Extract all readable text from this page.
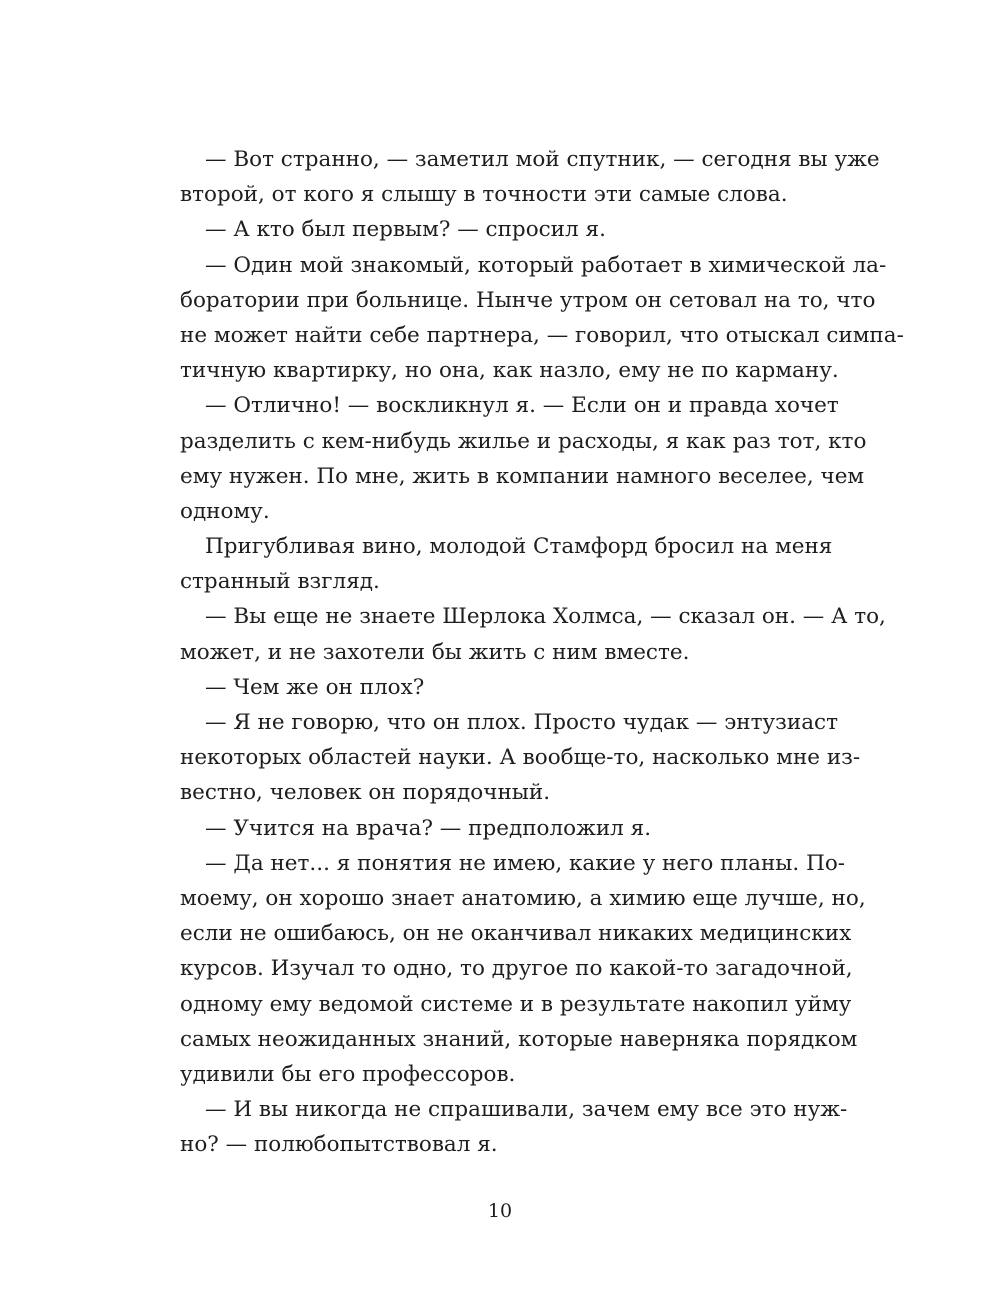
— Вот странно, — заметил мой спутник, — сегодня вы уже
второй, от кого я слышу в точности эти самые слова.
— А кто был первым? — спросил я.
— Один мой знакомый, который работает в химической ла-
боратории при больнице. Нынче утром он сетовал на то, что
не может найти себе партнера, — говорил, что отыскал симпа-
тичную квартирку, но она, как назло, ему не по карману.
— Отлично! — воскликнул я. — Если он и правда хочет
разделить с кем-нибудь жилье и расходы, я как раз тот, кто
ему нужен. По мне, жить в компании намного веселее, чем
одному.
Пригубливая вино, молодой Стамфорд бросил на меня
странный взгляд.
— Вы еще не знаете Шерлока Холмса, — сказал он. — А то,
может, и не захотели бы жить с ним вместе.
— Чем же он плох?
— Я не говорю, что он плох. Просто чудак — энтузиаст
некоторых областей науки. А вообще-то, насколько мне из-
вестно, человек он порядочный.
— Учится на врача? — предположил я.
— Да нет... я понятия не имею, какие у него планы. По-
моему, он хорошо знает анатомию, а химию еще лучше, но,
если не ошибаюсь, он не оканчивал никаких медицинских
курсов. Изучал то одно, то другое по какой-то загадочной,
одному ему ведомой системе и в результате накопил уйму
самых неожиданных знаний, которые наверняка порядком
удивили бы его профессоров.
— И вы никогда не спрашивали, зачем ему все это нуж-
но? — полюбопытствовал я.
10
